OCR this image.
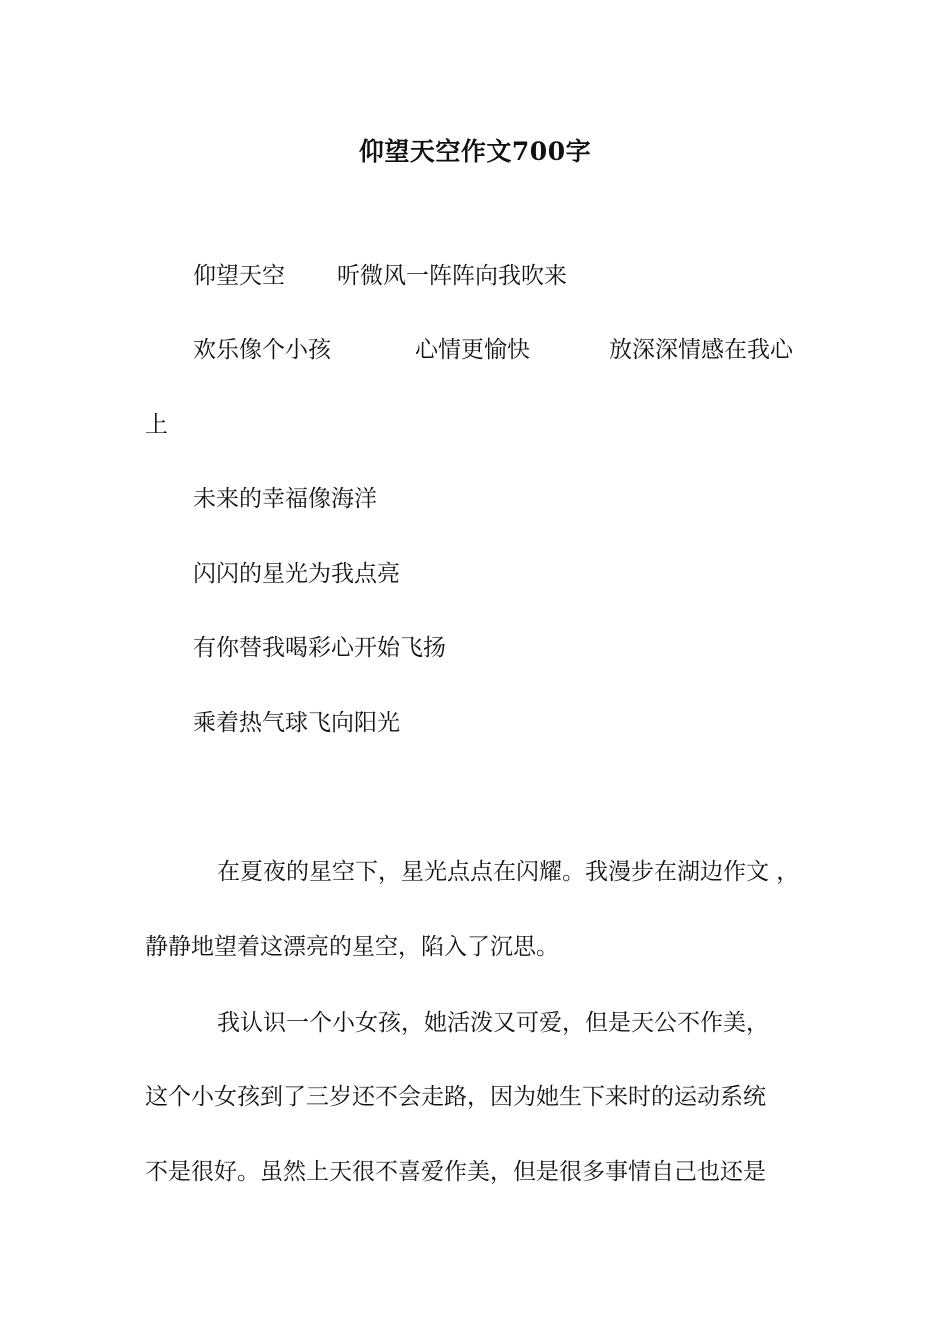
仰望天空作文700字
仰望天空 听微风一阵阵向我吹来
欢乐像个小孩	心情更愉快	放深深情感在我心
上
未来的幸福像海洋
闪闪的星光为我点亮
有你替我喝彩心开始飞扬
乘着热气球飞向阳光
在夏夜的星空下，星光点点在闪耀。我漫步在湖边作文 ，
静静地望着这漂亮的星空，陷入了沉思。
我认识一个小女孩，她活泼又可爱，但是天公不作美，
这个小女孩到了三岁还不会走路，因为她生下来时的运动系统
不是很好。虽然上天很不喜爱作美，但是很多事情自己也还是
